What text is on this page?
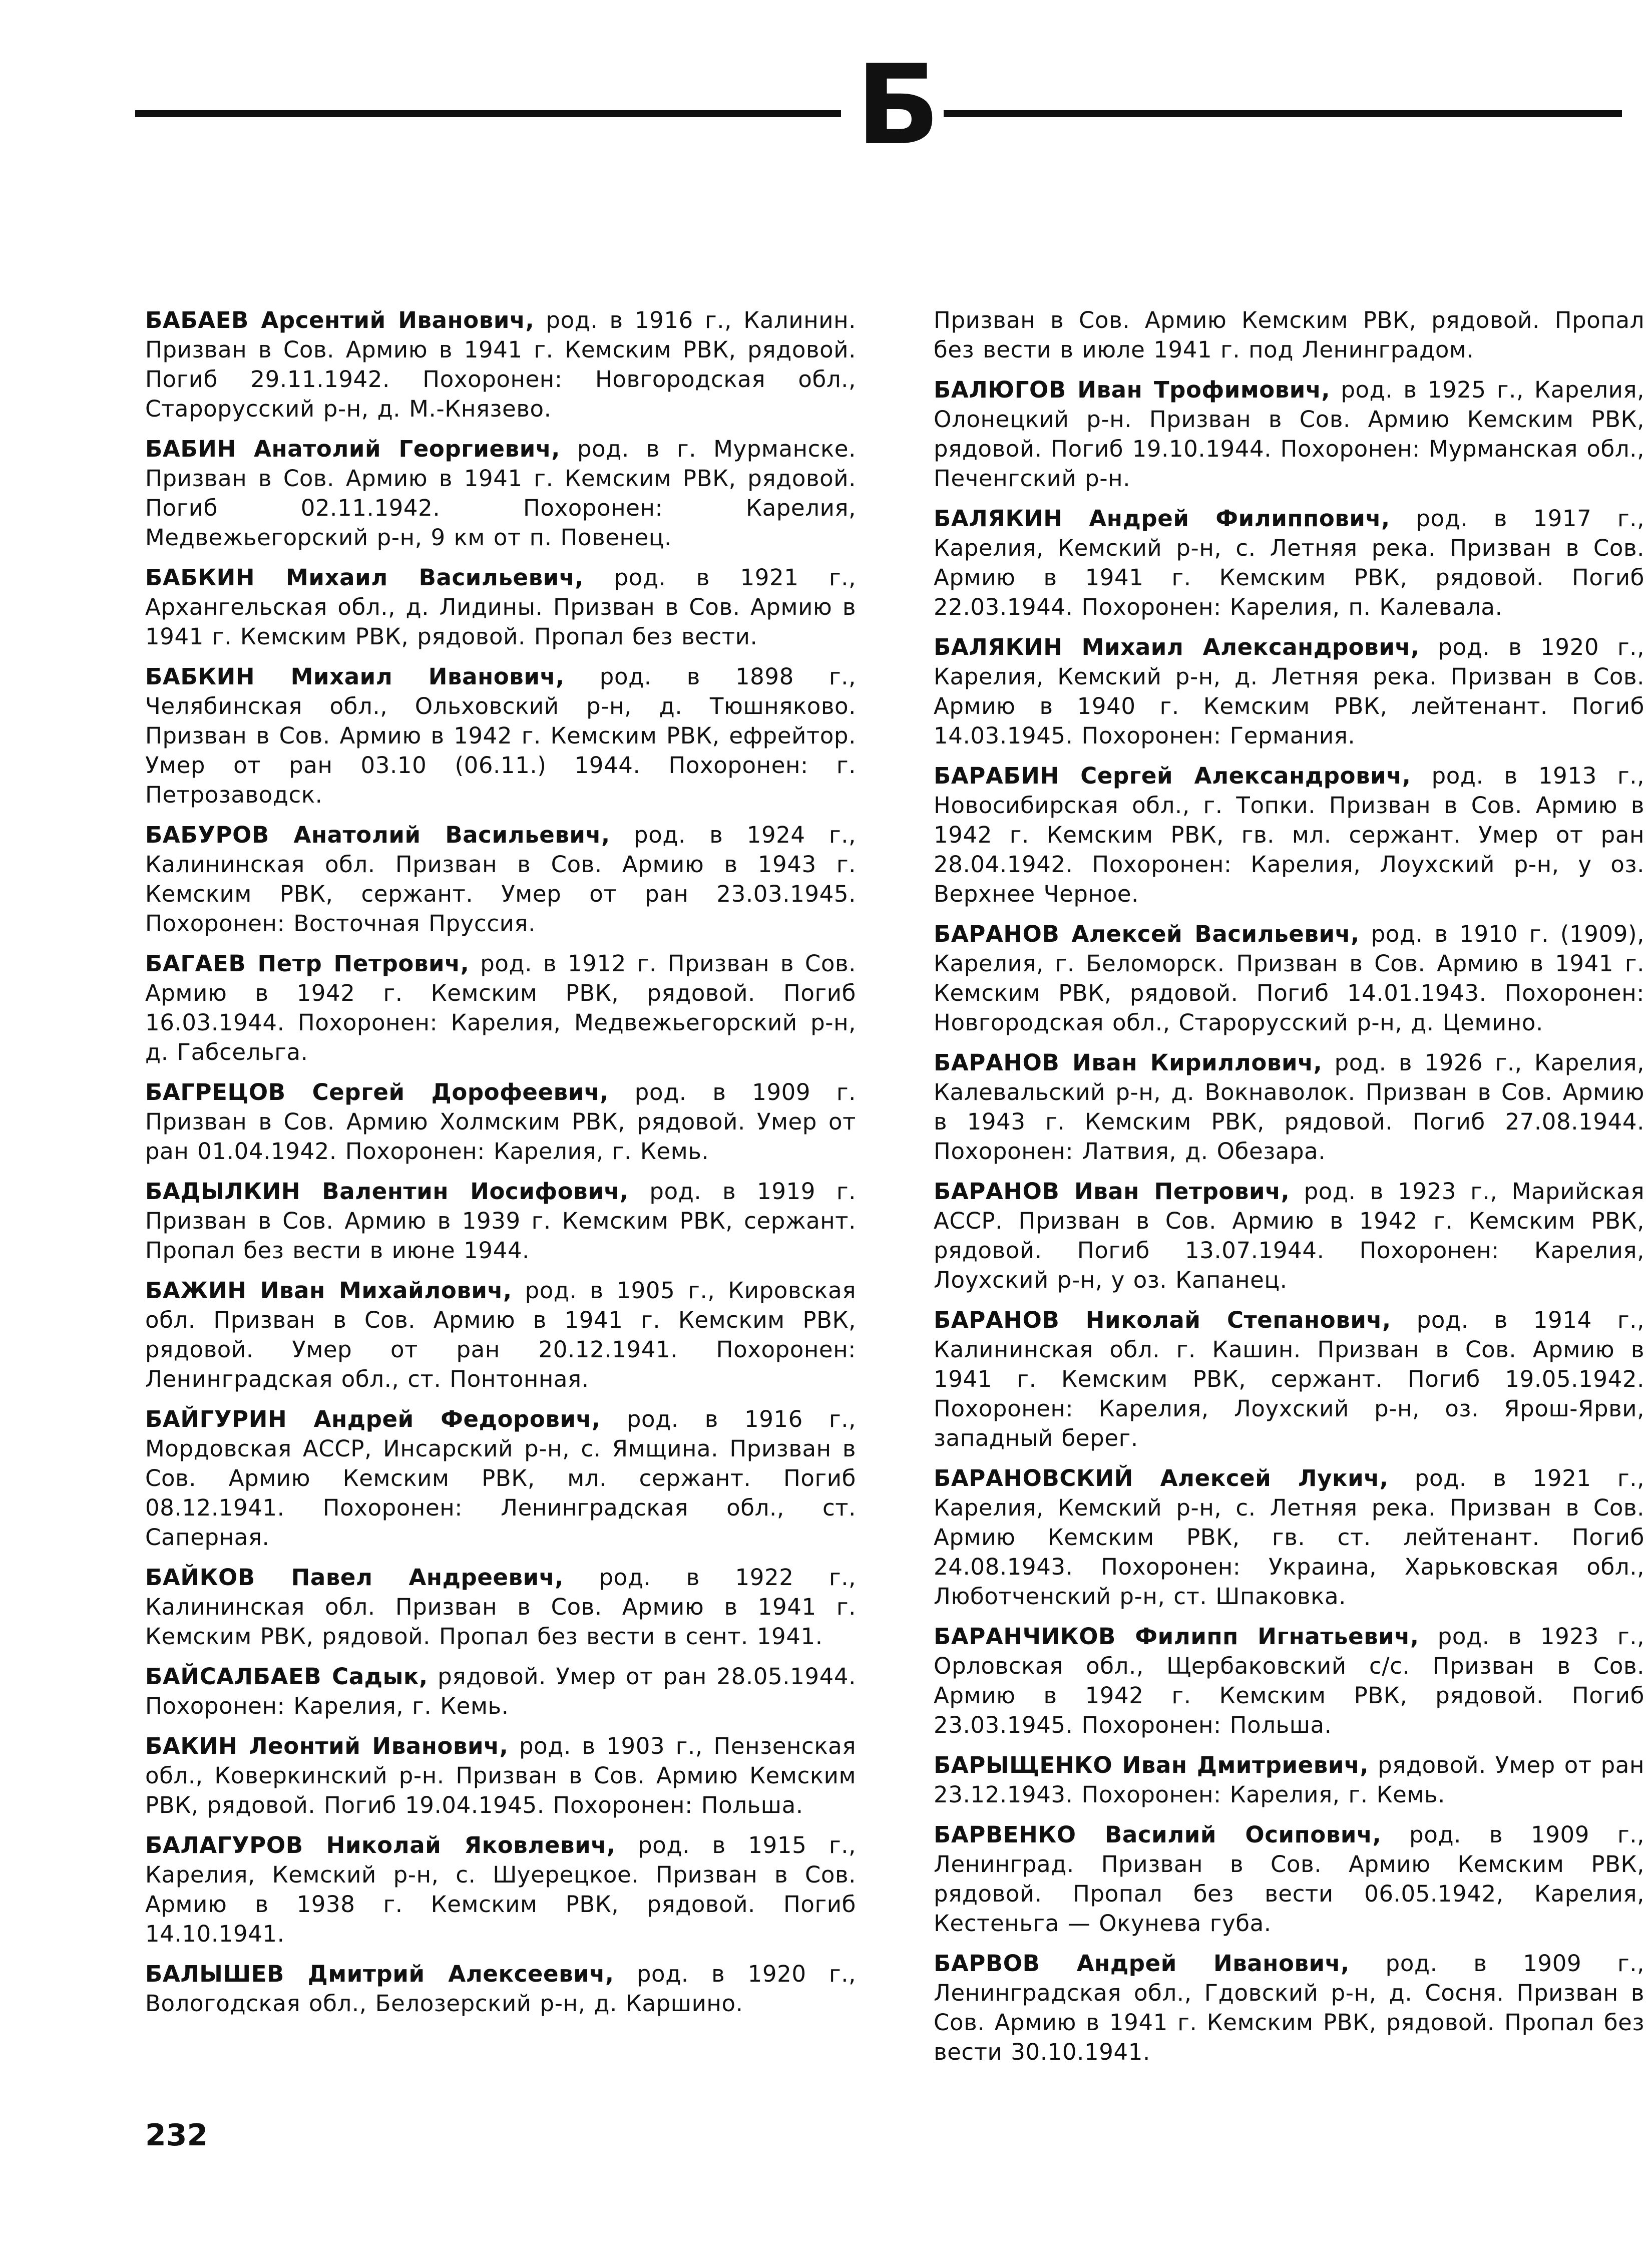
Б

БАБАЕВ Арсентий Иванович, род. в 1916 г., Калинин. Призван в Сов. Армию в 1941 г. Кемским РВК, рядовой. Погиб 29.11.1942. Похоронен: Новгородская обл., Старорусский р-н, д. М.-Князево.

БАБИН Анатолий Георгиевич, род. в г. Мурманске. Призван в Сов. Армию в 1941 г. Кемским РВК, рядовой. Погиб 02.11.1942. Похоронен: Карелия, Медвежьегорский р-н, 9 км от п. Повенец.

БАБКИН Михаил Васильевич, род. в 1921 г., Архангельская обл., д. Лидины. Призван в Сов. Армию в 1941 г. Кемским РВК, рядовой. Пропал без вести.

БАБКИН Михаил Иванович, род. в 1898 г., Челябинская обл., Ольховский р-н, д. Тюшняково. Призван в Сов. Армию в 1942 г. Кемским РВК, ефрейтор. Умер от ран 03.10 (06.11.) 1944. Похоронен: г. Петрозаводск.

БАБУРОВ Анатолий Васильевич, род. в 1924 г., Калининская обл. Призван в Сов. Армию в 1943 г. Кемским РВК, сержант. Умер от ран 23.03.1945. Похоронен: Восточная Пруссия.

БАГАЕВ Петр Петрович, род. в 1912 г. Призван в Сов. Армию в 1942 г. Кемским РВК, рядовой. Погиб 16.03.1944. Похоронен: Карелия, Медвежьегорский р-н, д. Габсельга.

БАГРЕЦОВ Сергей Дорофеевич, род. в 1909 г. Призван в Сов. Армию Холмским РВК, рядовой. Умер от ран 01.04.1942. Похоронен: Карелия, г. Кемь.

БАДЫЛКИН Валентин Иосифович, род. в 1919 г. Призван в Сов. Армию в 1939 г. Кемским РВК, сержант. Пропал без вести в июне 1944.

БАЖИН Иван Михайлович, род. в 1905 г., Кировская обл. Призван в Сов. Армию в 1941 г. Кемским РВК, рядовой. Умер от ран 20.12.1941. Похоронен: Ленинградская обл., ст. Понтонная.

БАЙГУРИН Андрей Федорович, род. в 1916 г., Мордовская АССР, Инсарский р-н, с. Ямщина. Призван в Сов. Армию Кемским РВК, мл. сержант. Погиб 08.12.1941. Похоронен: Ленинградская обл., ст. Саперная.

БАЙКОВ Павел Андреевич, род. в 1922 г., Калининская обл. Призван в Сов. Армию в 1941 г. Кемским РВК, рядовой. Пропал без вести в сент. 1941.

БАЙСАЛБАЕВ Садык, рядовой. Умер от ран 28.05.1944. Похоронен: Карелия, г. Кемь.

БАКИН Леонтий Иванович, род. в 1903 г., Пензенская обл., Коверкинский р-н. Призван в Сов. Армию Кемским РВК, рядовой. Погиб 19.04.1945. Похоронен: Польша.

БАЛАГУРОВ Николай Яковлевич, род. в 1915 г., Карелия, Кемский р-н, с. Шуерецкое. Призван в Сов. Армию в 1938 г. Кемским РВК, рядовой. Погиб 14.10.1941.

БАЛЫШЕВ Дмитрий Алексеевич, род. в 1920 г., Вологодская обл., Белозерский р-н, д. Каршино.

Призван в Сов. Армию Кемским РВК, рядовой. Пропал без вести в июле 1941 г. под Ленинградом.

БАЛЮГОВ Иван Трофимович, род. в 1925 г., Карелия, Олонецкий р-н. Призван в Сов. Армию Кемским РВК, рядовой. Погиб 19.10.1944. Похоронен: Мурманская обл., Печенгский р-н.

БАЛЯКИН Андрей Филиппович, род. в 1917 г., Карелия, Кемский р-н, с. Летняя река. Призван в Сов. Армию в 1941 г. Кемским РВК, рядовой. Погиб 22.03.1944. Похоронен: Карелия, п. Калевала.

БАЛЯКИН Михаил Александрович, род. в 1920 г., Карелия, Кемский р-н, д. Летняя река. Призван в Сов. Армию в 1940 г. Кемским РВК, лейтенант. Погиб 14.03.1945. Похоронен: Германия.

БАРАБИН Сергей Александрович, род. в 1913 г., Новосибирская обл., г. Топки. Призван в Сов. Армию в 1942 г. Кемским РВК, гв. мл. сержант. Умер от ран 28.04.1942. Похоронен: Карелия, Лоухский р-н, у оз. Верхнее Черное.

БАРАНОВ Алексей Васильевич, род. в 1910 г. (1909), Карелия, г. Беломорск. Призван в Сов. Армию в 1941 г. Кемским РВК, рядовой. Погиб 14.01.1943. Похоронен: Новгородская обл., Старорусский р-н, д. Цемино.

БАРАНОВ Иван Кириллович, род. в 1926 г., Карелия, Калевальский р-н, д. Вокнаволок. Призван в Сов. Армию в 1943 г. Кемским РВК, рядовой. Погиб 27.08.1944. Похоронен: Латвия, д. Обезара.

БАРАНОВ Иван Петрович, род. в 1923 г., Марийская АССР. Призван в Сов. Армию в 1942 г. Кемским РВК, рядовой. Погиб 13.07.1944. Похоронен: Карелия, Лоухский р-н, у оз. Капанец.

БАРАНОВ Николай Степанович, род. в 1914 г., Калининская обл. г. Кашин. Призван в Сов. Армию в 1941 г. Кемским РВК, сержант. Погиб 19.05.1942. Похоронен: Карелия, Лоухский р-н, оз. Ярош-Ярви, западный берег.

БАРАНОВСКИЙ Алексей Лукич, род. в 1921 г., Карелия, Кемский р-н, с. Летняя река. Призван в Сов. Армию Кемским РВК, гв. ст. лейтенант. Погиб 24.08.1943. Похоронен: Украина, Харьковская обл., Люботченский р-н, ст. Шпаковка.

БАРАНЧИКОВ Филипп Игнатьевич, род. в 1923 г., Орловская обл., Щербаковский с/с. Призван в Сов. Армию в 1942 г. Кемским РВК, рядовой. Погиб 23.03.1945. Похоронен: Польша.

БАРЫЩЕНКО Иван Дмитриевич, рядовой. Умер от ран 23.12.1943. Похоронен: Карелия, г. Кемь.

БАРВЕНКО Василий Осипович, род. в 1909 г., Ленинград. Призван в Сов. Армию Кемским РВК, рядовой. Пропал без вести 06.05.1942, Карелия, Кестеньга — Окунева губа.

БАРВОВ Андрей Иванович, род. в 1909 г., Ленинградская обл., Гдовский р-н, д. Сосня. Призван в Сов. Армию в 1941 г. Кемским РВК, рядовой. Пропал без вести 30.10.1941.

232
